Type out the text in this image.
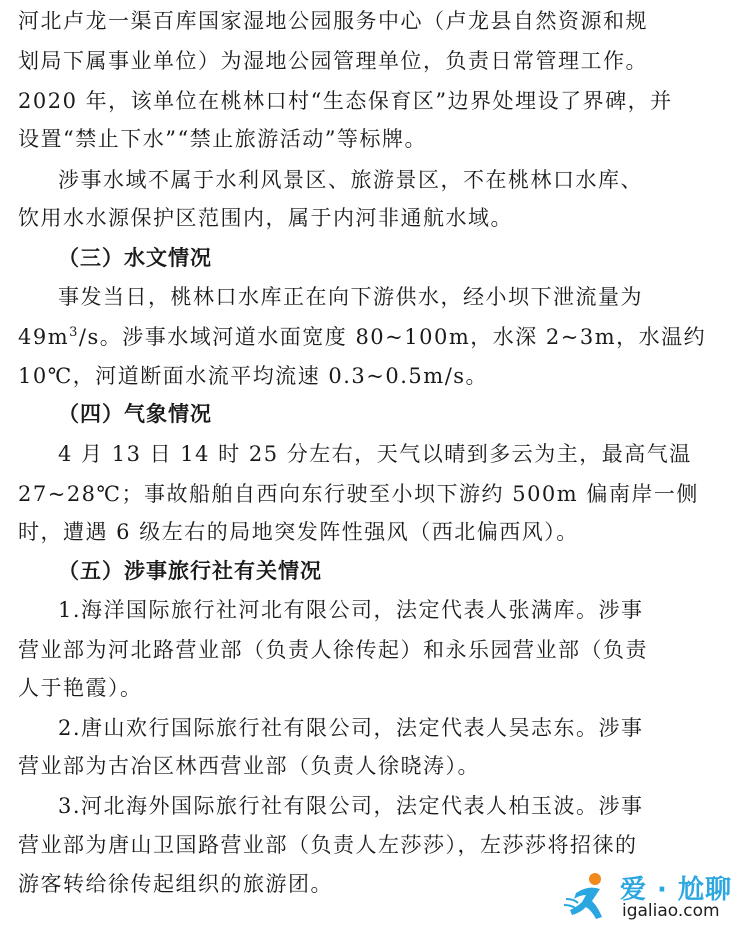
河北卢龙一渠百库国家湿地公园服务中心（卢龙县自然资源和规
划局下属事业单位）为湿地公园管理单位，负责日常管理工作。
2020 年，该单位在桃林口村“生态保育区”边界处埋设了界碑，并
设置“禁止下水”“禁止旅游活动”等标牌。
涉事水域不属于水利风景区、旅游景区，不在桃林口水库、
饮用水水源保护区范围内，属于内河非通航水域。
（三）水文情况
事发当日，桃林口水库正在向下游供水，经小坝下泄流量为
$49m^3/s$。涉事水域河道水面宽度 80~100m，水深 2~3m，水温约
10℃，河道断面水流平均流速 0.3~0.5m/s。
（四）气象情况
4 月 13 日 14 时 25 分左右，天气以晴到多云为主，最高气温
27~28℃；事故船舶自西向东行驶至小坝下游约 500m 偏南岸一侧
时，遭遇 6 级左右的局地突发阵性强风（西北偏西风）。
（五）涉事旅行社有关情况
1.海洋国际旅行社河北有限公司，法定代表人张满库。涉事
营业部为河北路营业部（负责人徐传起）和永乐园营业部（负责
人于艳霞）。
2.唐山欢行国际旅行社有限公司，法定代表人吴志东。涉事
营业部为古冶区林西营业部（负责人徐晓涛）。
3.河北海外国际旅行社有限公司，法定代表人柏玉波。涉事
营业部为唐山卫国路营业部（负责人左莎莎），左莎莎将招徕的
游客转给徐传起组织的旅游团。	爱 · 尬聊
igaliao.com
